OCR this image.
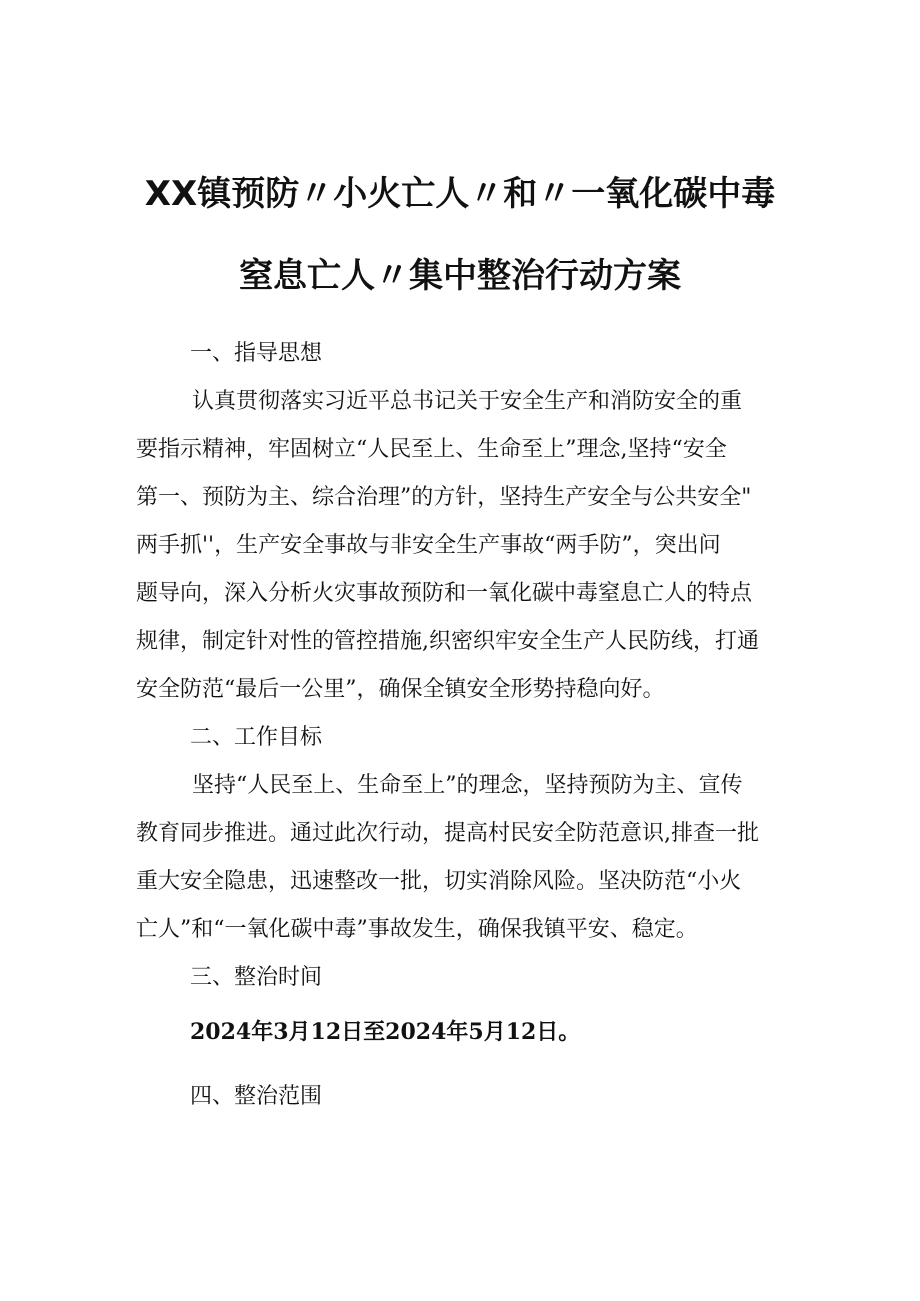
XX镇预防〃小火亡人〃和〃一氧化碳中毒
窒息亡人〃集中整治行动方案
一、指导思想
认真贯彻落实习近平总书记关于安全生产和消防安全的重
要指示精神，牢固树立“人民至上、生命至上”理念,坚持“安全
第一、预防为主、综合治理”的方针，坚持生产安全与公共安全"
两手抓''，生产安全事故与非安全生产事故“两手防”，突出问
题导向，深入分析火灾事故预防和一氧化碳中毒窒息亡人的特点
规律，制定针对性的管控措施,织密织牢安全生产人民防线，打通
安全防范“最后一公里”，确保全镇安全形势持稳向好。
二、工作目标
坚持“人民至上、生命至上”的理念，坚持预防为主、宣传
教育同步推进。通过此次行动，提高村民安全防范意识,排查一批
重大安全隐患，迅速整改一批，切实消除风险。坚决防范“小火
亡人”和“一氧化碳中毒”事故发生，确保我镇平安、稳定。
三、整治时间
2024年3月12日至2024年5月12日。
四、整治范围
